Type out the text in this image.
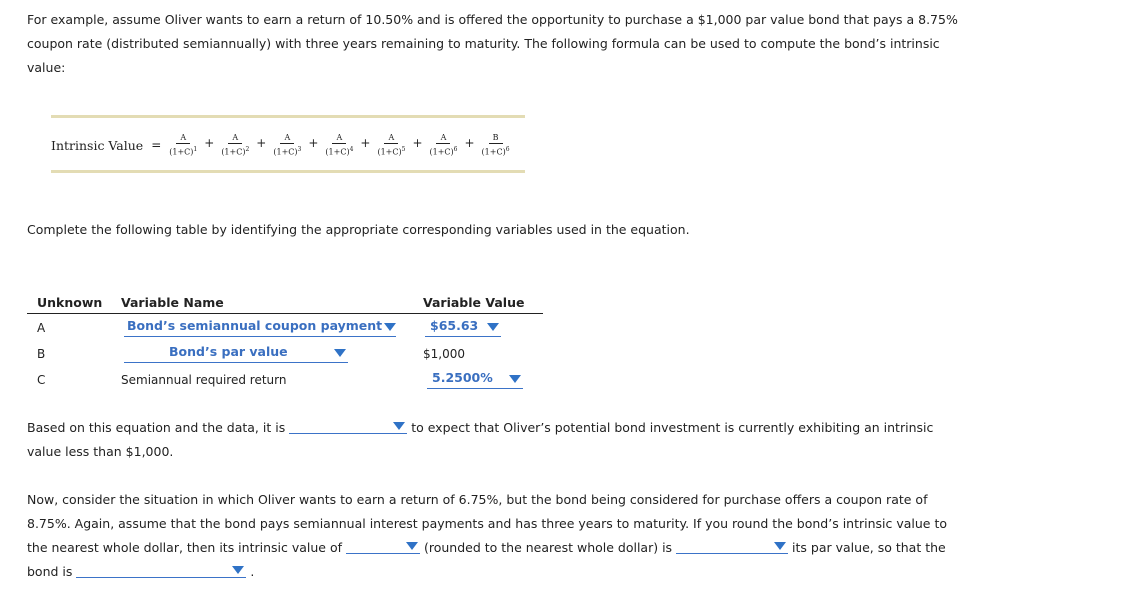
For example, assume Oliver wants to earn a return of 10.50% and is offered the opportunity to purchase a $1,000 par value bond that pays a 8.75%
coupon rate (distributed semiannually) with three years remaining to maturity. The following formula can be used to compute the bond’s intrinsic
value:
Intrinsic Value = $\frac{A}{(1+C)^1} + \frac{A}{(1+C)^2} + \frac{A}{(1+C)^3} + \frac{A}{(1+C)^4} + \frac{A}{(1+C)^5} + \frac{A}{(1+C)^6} + \frac{B}{(1+C)^6}$
Complete the following table by identifying the appropriate corresponding variables used in the equation.
Unknown Variable Name	Variable Value
A	Bond’s semiannual coupon payment	$65.63
B	Bond’s par value	$1,000
C	Semiannual required return	5.2500%
Based on this equation and the data, it is	to expect that Oliver’s potential bond investment is currently exhibiting an intrinsic
value less than $1,000.
Now, consider the situation in which Oliver wants to earn a return of 6.75%, but the bond being considered for purchase offers a coupon rate of
8.75%. Again, assume that the bond pays semiannual interest payments and has three years to maturity. If you round the bond’s intrinsic value to
the nearest whole dollar, then its intrinsic value of	(rounded to the nearest whole dollar) is	its par value, so that the
bond is	.
